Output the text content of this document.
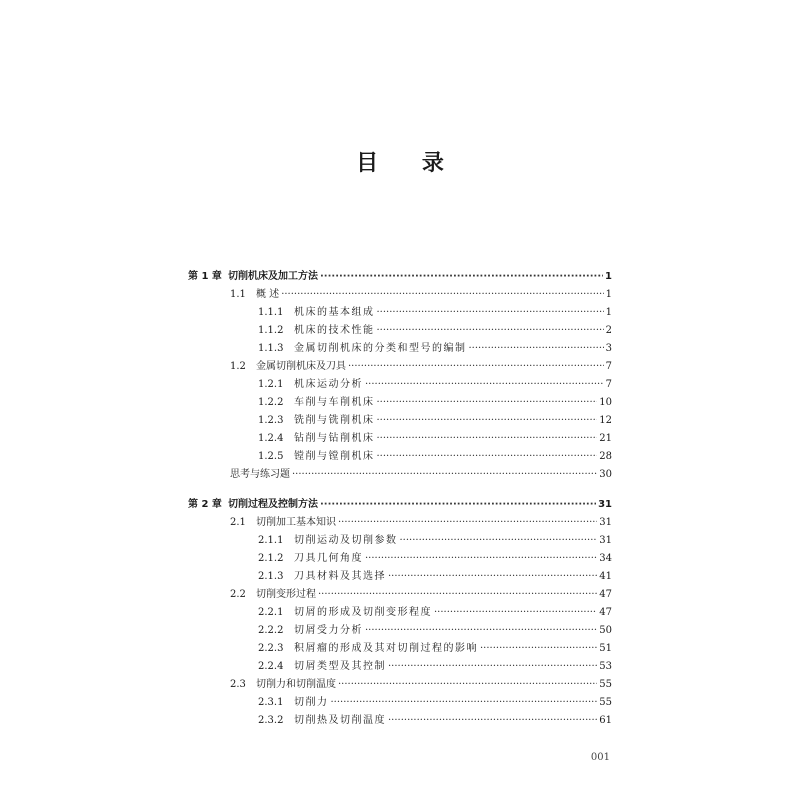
目 录
第 1 章 切削机床及加工方法 ·····	1
1.1	概 述 ·····	1
1.1.1	机床的基本组成 ·····	1
1.1.2	机床的技术性能 ·····	2
1.1.3	金属切削机床的分类和型号的编制 ·····	3
1.2	金属切削机床及刀具 ·····	7
1.2.1	机床运动分析 ·····	7
1.2.2	车削与车削机床 ·····	10
1.2.3	铣削与铣削机床 ·····	12
1.2.4	钻削与钻削机床 ·····	21
1.2.5	镗削与镗削机床 ·····	28
思考与练习题 ·····	30
第 2 章 切削过程及控制方法 ·····	31
2.1	切削加工基本知识 ·····	31
2.1.1	切削运动及切削参数 ·····	31
2.1.2	刀具几何角度 ·····	34
2.1.3	刀具材料及其选择 ·····	41
2.2	切削变形过程 ·····	47
2.2.1	切屑的形成及切削变形程度 ·····	47
2.2.2	切屑受力分析 ·····	50
2.2.3	积屑瘤的形成及其对切削过程的影响 ·····	51
2.2.4	切屑类型及其控制 ·····	53
2.3	切削力和切削温度 ·····	55
2.3.1	切削力 ·····	55
2.3.2	切削热及切削温度 ·····	61
001
